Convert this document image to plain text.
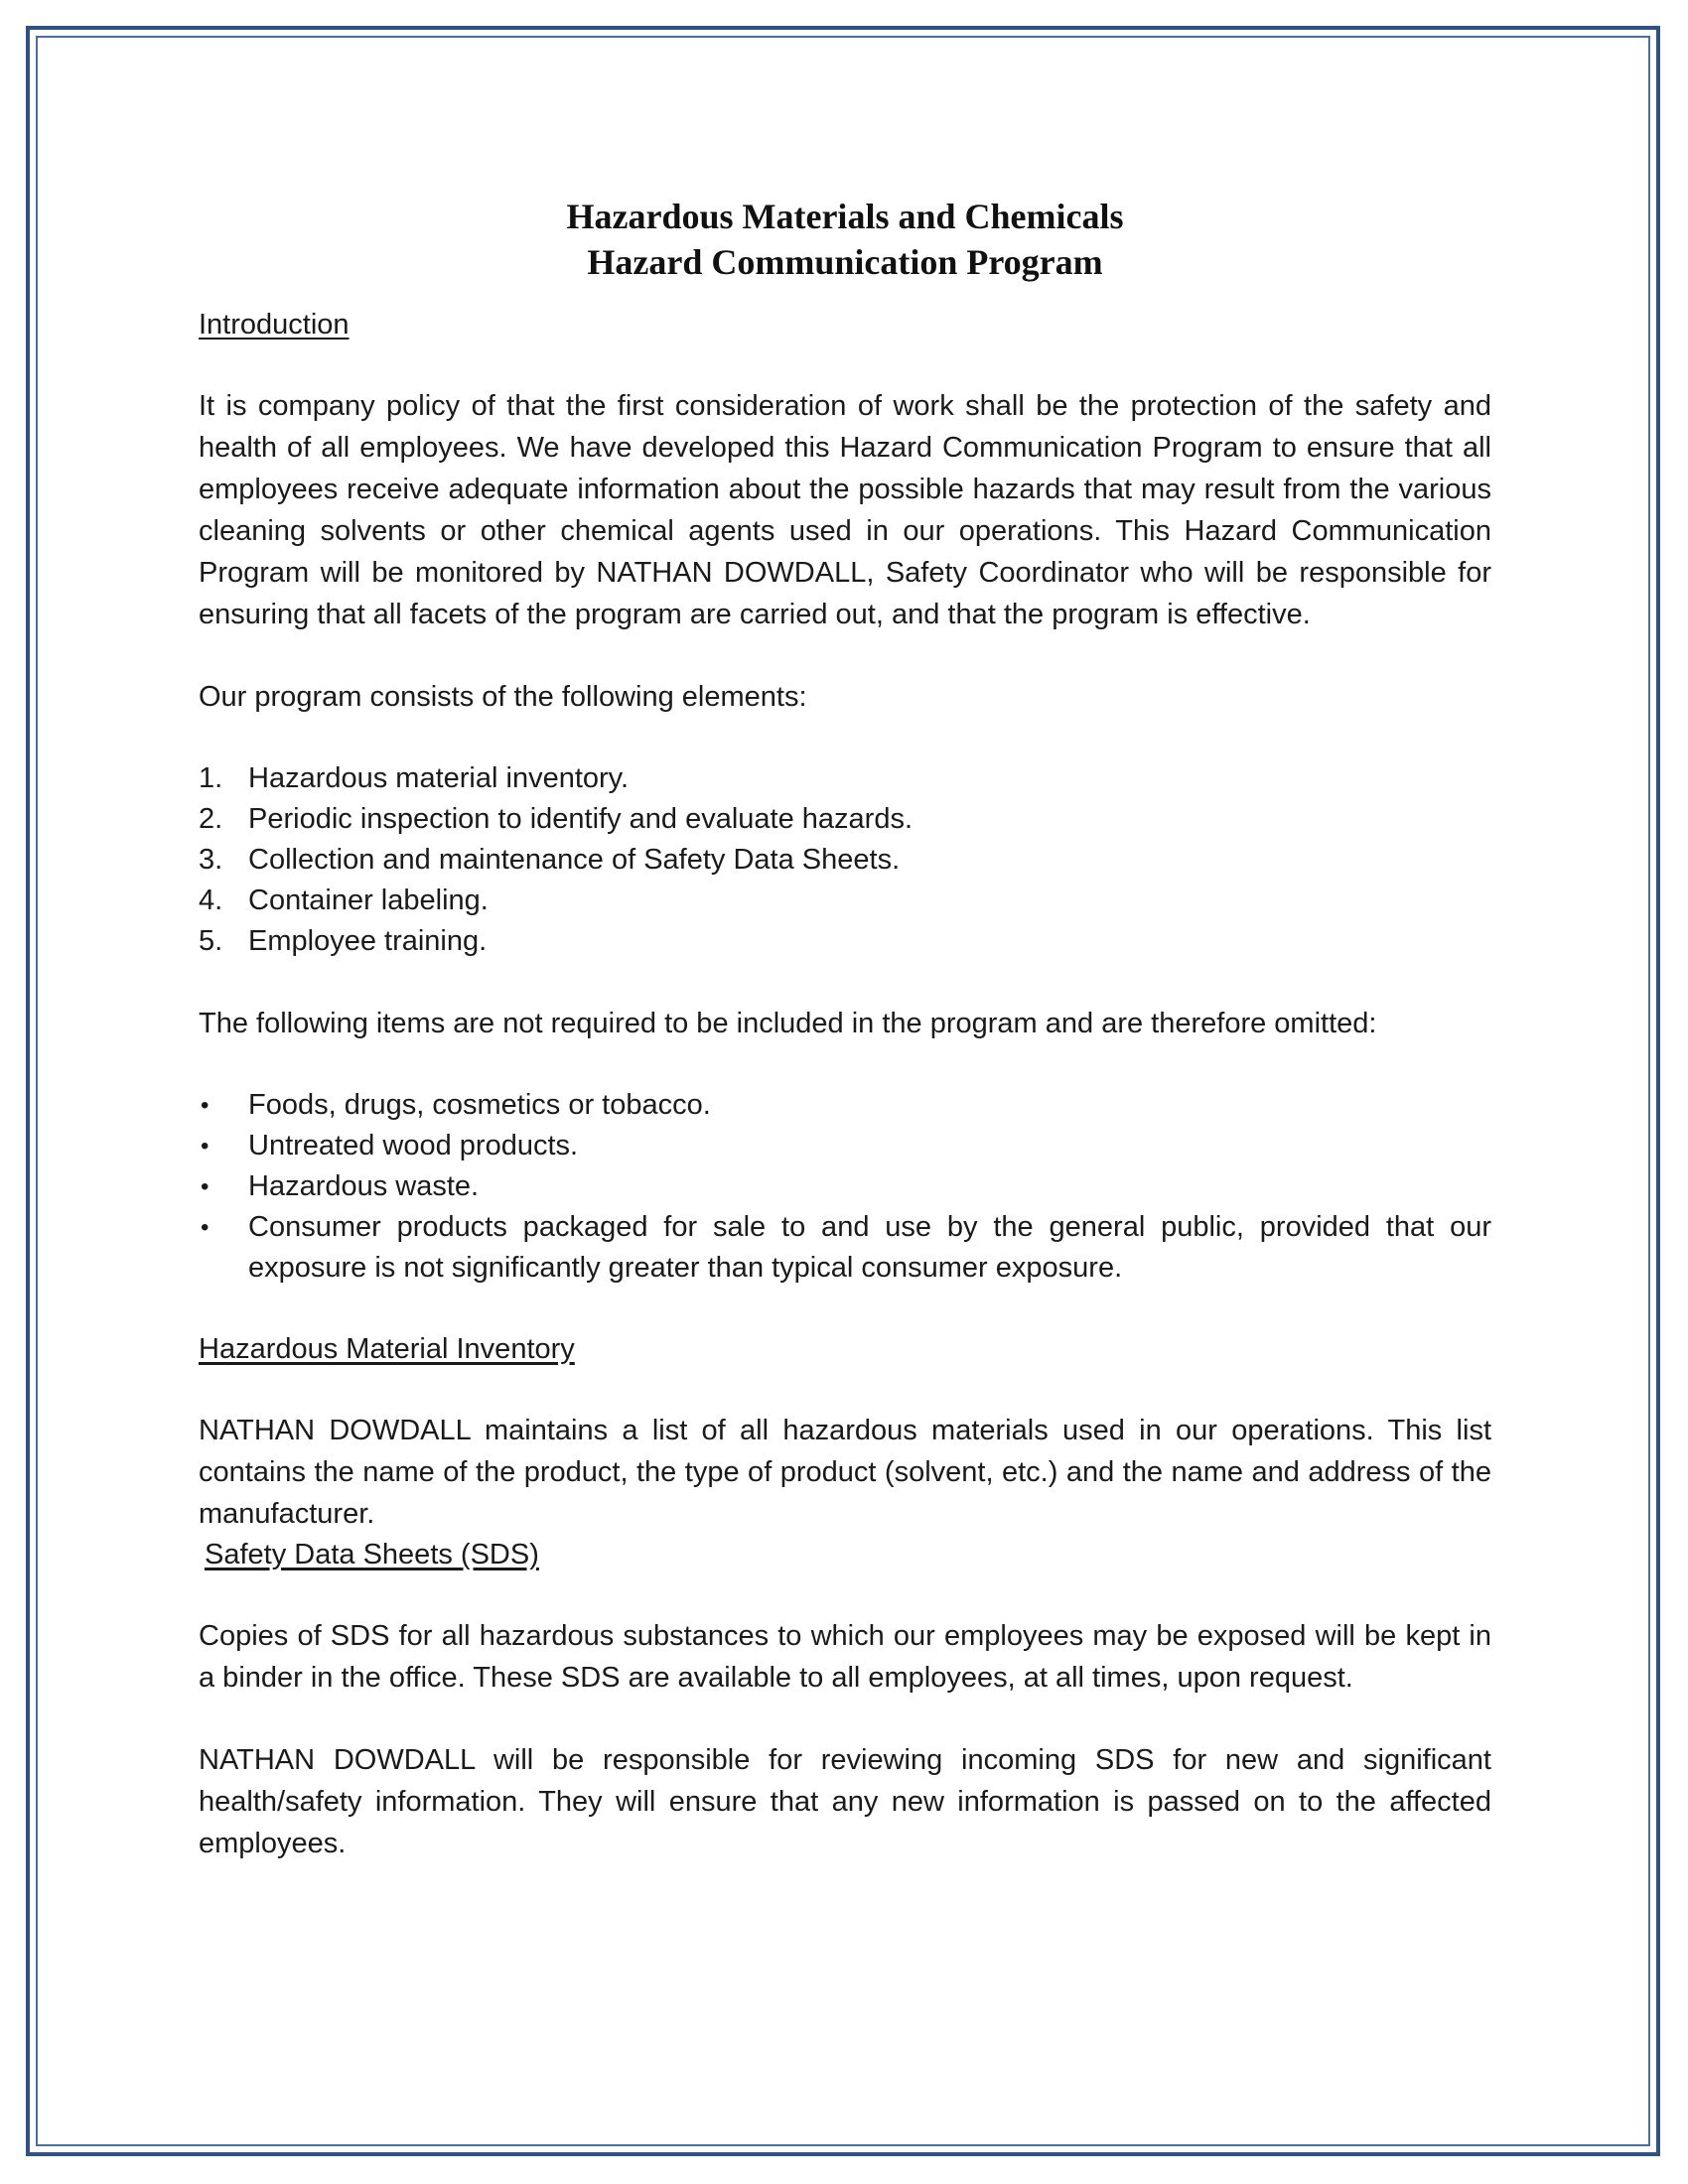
Hazardous Materials and Chemicals
Hazard Communication Program

Introduction

It is company policy of that the first consideration of work shall be the protection of the safety and health of all employees. We have developed this Hazard Communication Program to ensure that all employees receive adequate information about the possible hazards that may result from the various cleaning solvents or other chemical agents used in our operations. This Hazard Communication Program will be monitored by NATHAN DOWDALL, Safety Coordinator who will be responsible for ensuring that all facets of the program are carried out, and that the program is effective.

Our program consists of the following elements:

1. Hazardous material inventory.
2. Periodic inspection to identify and evaluate hazards.
3. Collection and maintenance of Safety Data Sheets.
4. Container labeling.
5. Employee training.

The following items are not required to be included in the program and are therefore omitted:

•	Foods, drugs, cosmetics or tobacco.
•	Untreated wood products.
•	Hazardous waste.
•	Consumer products packaged for sale to and use by the general public, provided that our exposure is not significantly greater than typical consumer exposure.

Hazardous Material Inventory

NATHAN DOWDALL maintains a list of all hazardous materials used in our operations. This list contains the name of the product, the type of product (solvent, etc.) and the name and address of the manufacturer.

Safety Data Sheets (SDS)

Copies of SDS for all hazardous substances to which our employees may be exposed will be kept in a binder in the office. These SDS are available to all employees, at all times, upon request.

NATHAN DOWDALL will be responsible for reviewing incoming SDS for new and significant health/safety information. They will ensure that any new information is passed on to the affected employees.
